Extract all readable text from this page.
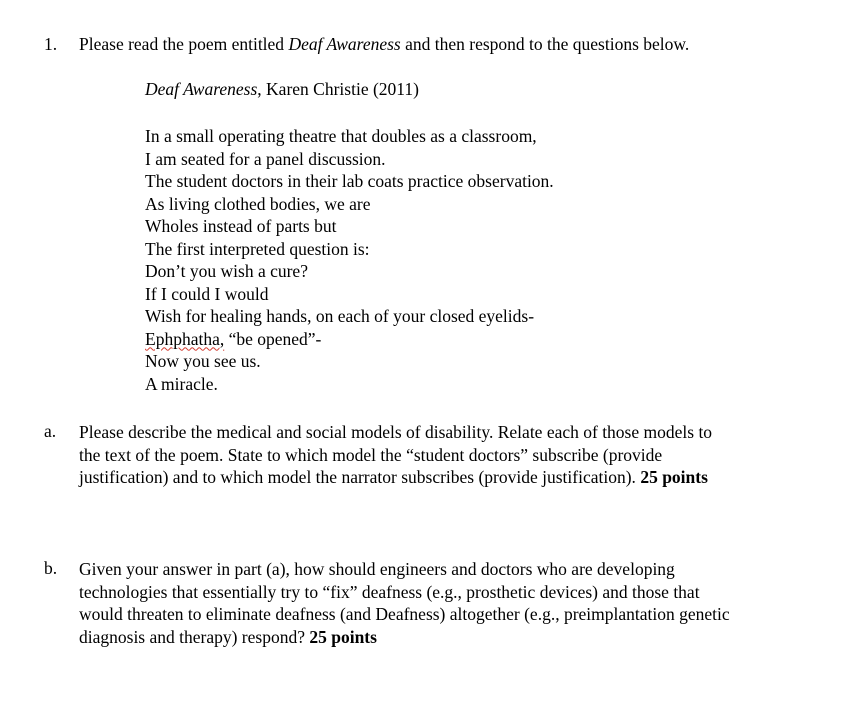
1. Please read the poem entitled Deaf Awareness and then respond to the questions below.
Deaf Awareness, Karen Christie (2011)
In a small operating theatre that doubles as a classroom,
I am seated for a panel discussion.
The student doctors in their lab coats practice observation.
As living clothed bodies, we are
Wholes instead of parts but
The first interpreted question is:
Don’t you wish a cure?
If I could I would
Wish for healing hands, on each of your closed eyelids-
Ephphatha, “be opened”-
Now you see us.
A miracle.
a. Please describe the medical and social models of disability. Relate each of those models to
the text of the poem. State to which model the “student doctors” subscribe (provide
justification) and to which model the narrator subscribes (provide justification). 25 points
b. Given your answer in part (a), how should engineers and doctors who are developing
technologies that essentially try to “fix” deafness (e.g., prosthetic devices) and those that
would threaten to eliminate deafness (and Deafness) altogether (e.g., preimplantation genetic
diagnosis and therapy) respond? 25 points
